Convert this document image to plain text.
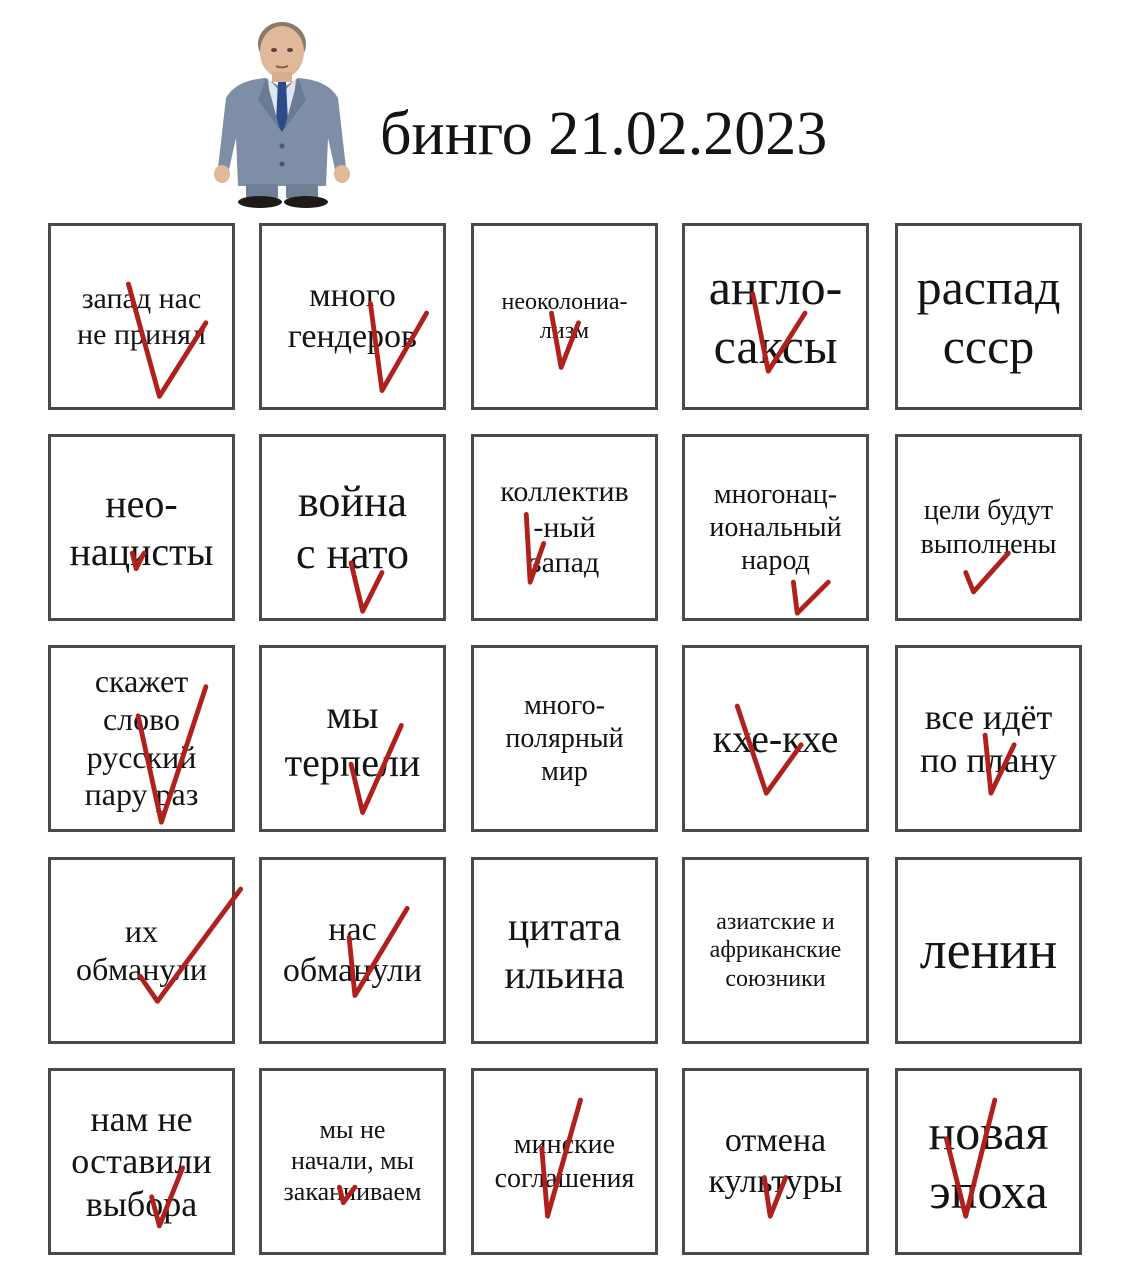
бинго 21.02.2023
запад нас
не принял
много
гендеров
неоколониа-
лизм
англо-
саксы
распад
ссср
нео-
нацисты
война
с нато
коллектив
-ный
запад
многонац-
иональный
народ
цели будут
выполнены
скажет
слово
русский
пару раз
мы
терпели
много-
полярный
мир
кхе-кхе все идёт
по плану
их
обманули
нас
обманули
цитата
ильина
азиатские и
африканские
союзники ленин
нам не
оставили
выбора
мы не
начали, мы
заканчиваем
минские
соглашения
отмена
культуры
новая
эпоха
